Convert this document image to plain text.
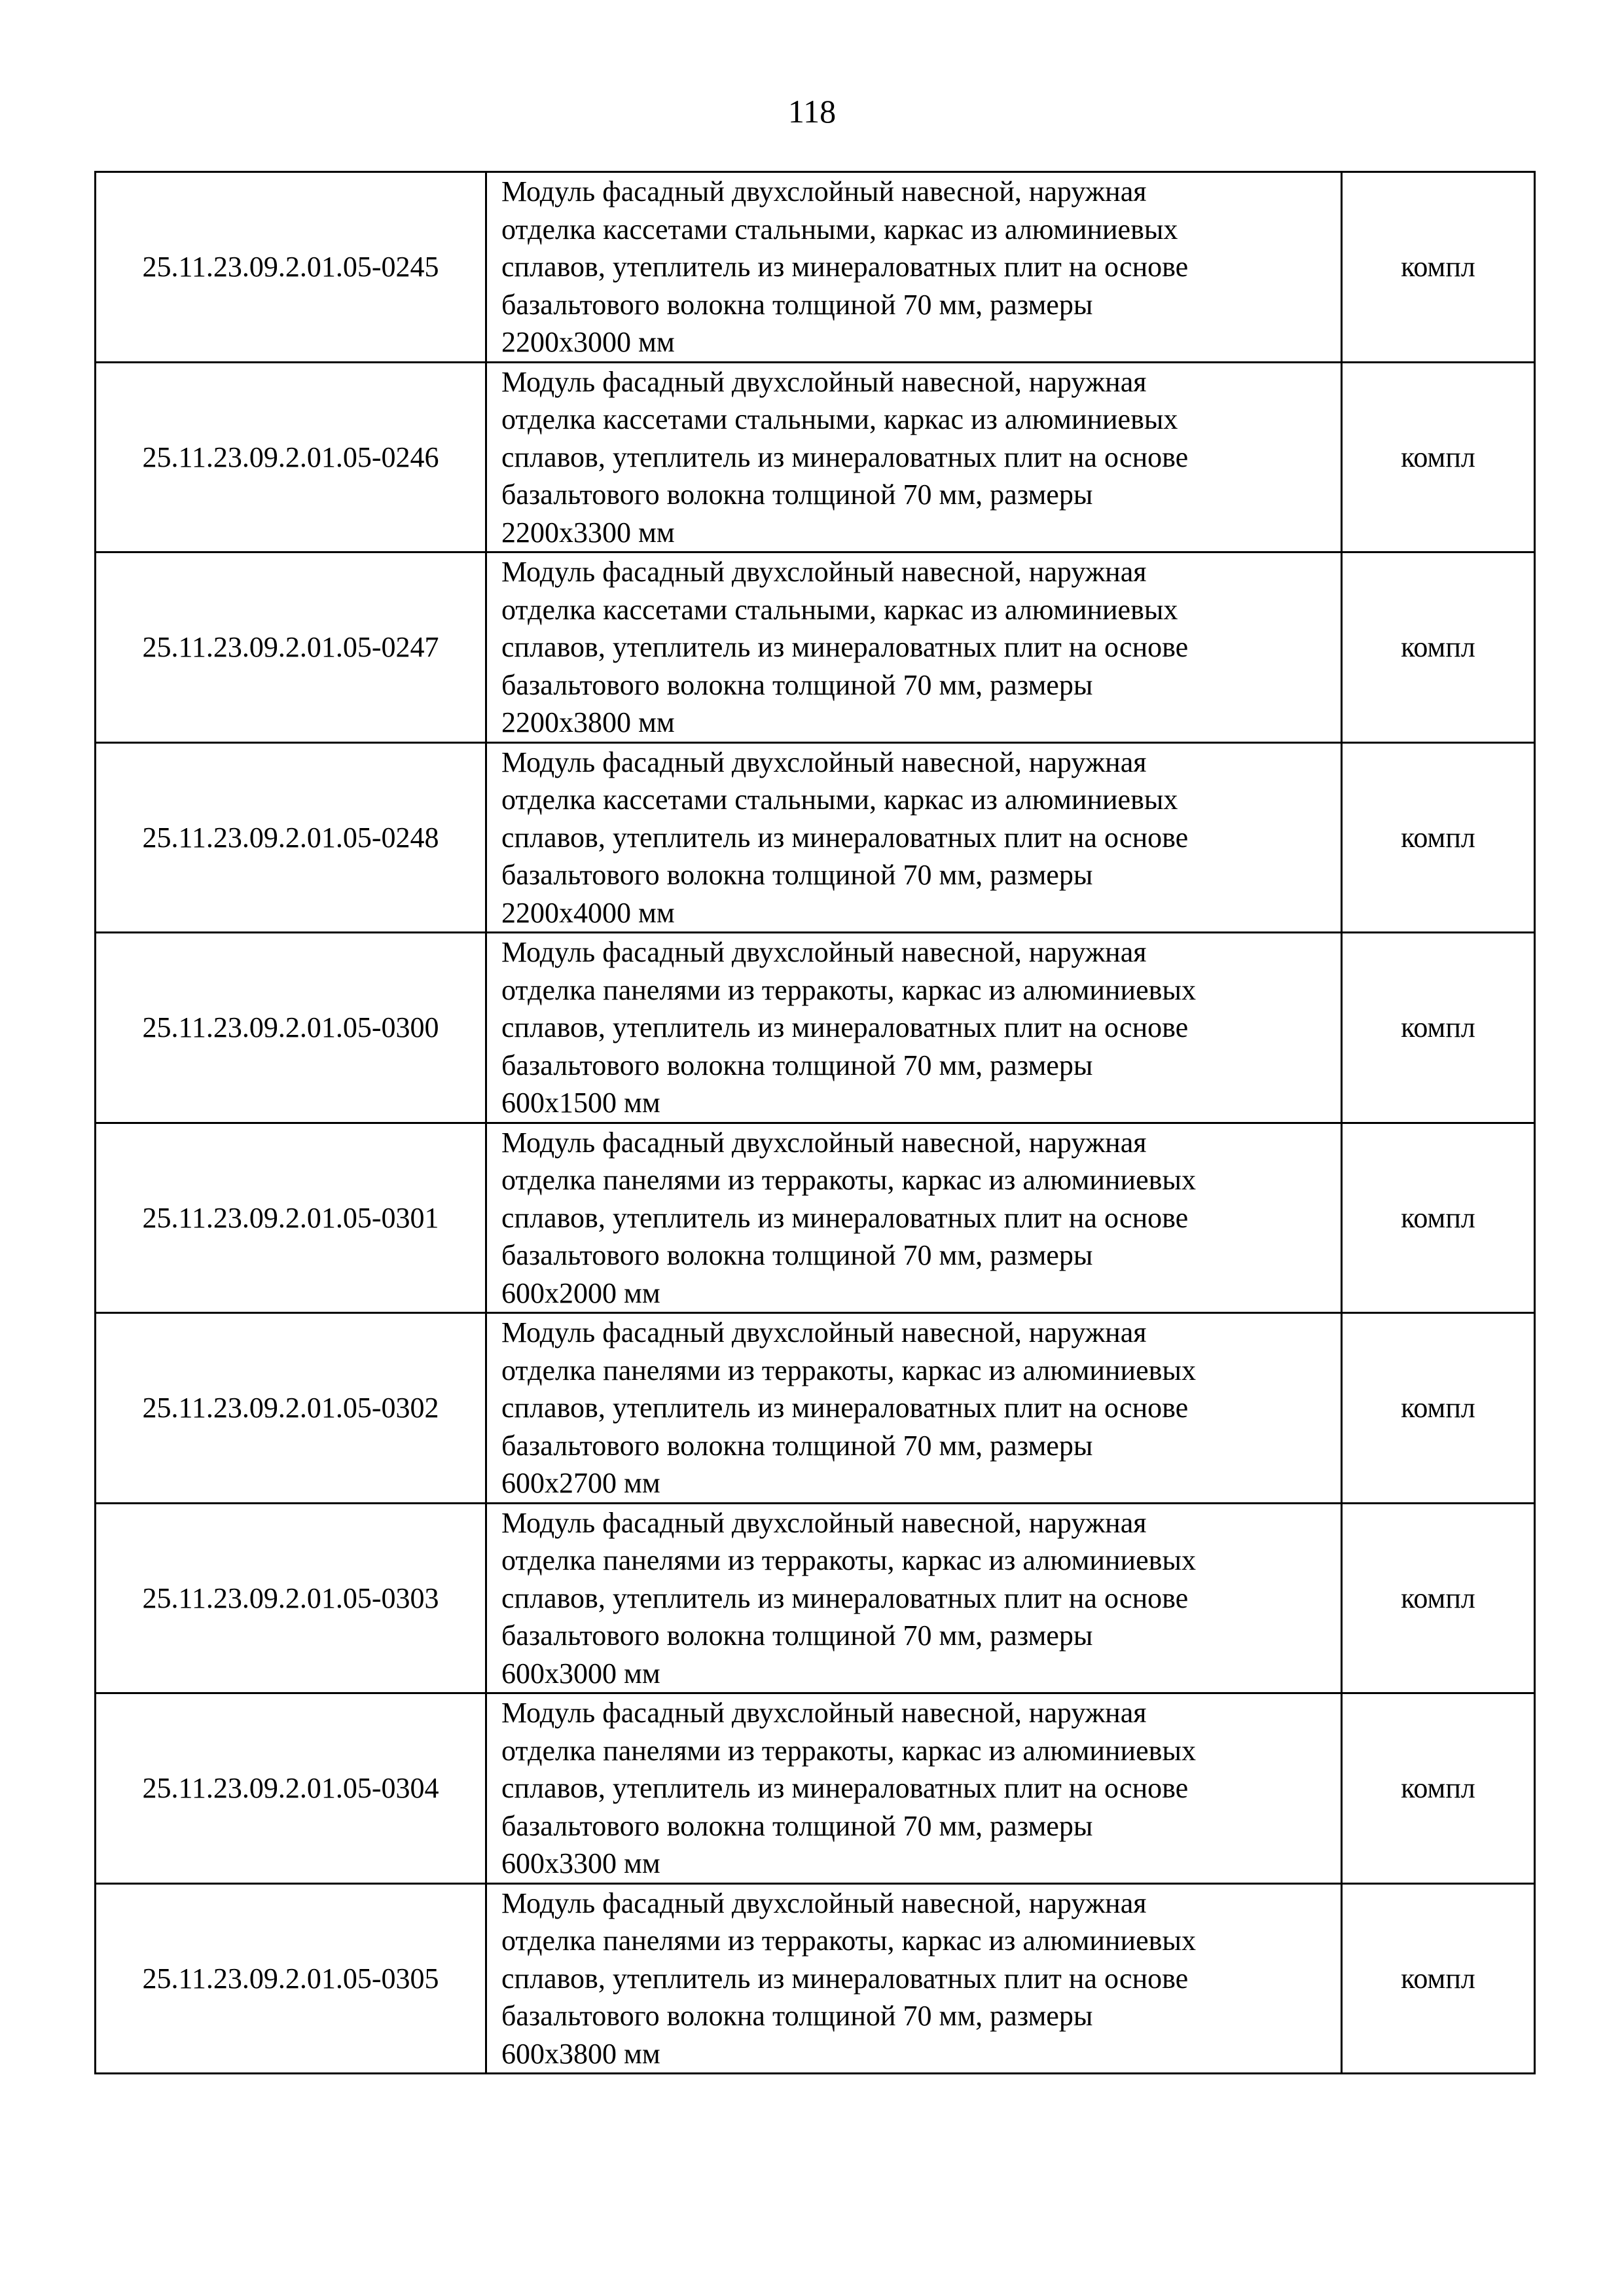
118
25.11.23.09.2.01.05-0245	Модуль фасадный двухслойный навесной, наружная
отделка кассетами стальными, каркас из алюминиевых
сплавов, утеплитель из минераловатных плит на основе
базальтового волокна толщиной 70 мм, размеры
2200x3000 мм	компл
25.11.23.09.2.01.05-0246	Модуль фасадный двухслойный навесной, наружная
отделка кассетами стальными, каркас из алюминиевых
сплавов, утеплитель из минераловатных плит на основе
базальтового волокна толщиной 70 мм, размеры
2200x3300 мм	компл
25.11.23.09.2.01.05-0247	Модуль фасадный двухслойный навесной, наружная
отделка кассетами стальными, каркас из алюминиевых
сплавов, утеплитель из минераловатных плит на основе
базальтового волокна толщиной 70 мм, размеры
2200x3800 мм	компл
25.11.23.09.2.01.05-0248	Модуль фасадный двухслойный навесной, наружная
отделка кассетами стальными, каркас из алюминиевых
сплавов, утеплитель из минераловатных плит на основе
базальтового волокна толщиной 70 мм, размеры
2200x4000 мм	компл
25.11.23.09.2.01.05-0300	Модуль фасадный двухслойный навесной, наружная
отделка панелями из терракоты, каркас из алюминиевых
сплавов, утеплитель из минераловатных плит на основе
базальтового волокна толщиной 70 мм, размеры
600x1500 мм	компл
25.11.23.09.2.01.05-0301	Модуль фасадный двухслойный навесной, наружная
отделка панелями из терракоты, каркас из алюминиевых
сплавов, утеплитель из минераловатных плит на основе
базальтового волокна толщиной 70 мм, размеры
600x2000 мм	компл
25.11.23.09.2.01.05-0302	Модуль фасадный двухслойный навесной, наружная
отделка панелями из терракоты, каркас из алюминиевых
сплавов, утеплитель из минераловатных плит на основе
базальтового волокна толщиной 70 мм, размеры
600x2700 мм	компл
25.11.23.09.2.01.05-0303	Модуль фасадный двухслойный навесной, наружная
отделка панелями из терракоты, каркас из алюминиевых
сплавов, утеплитель из минераловатных плит на основе
базальтового волокна толщиной 70 мм, размеры
600x3000 мм	компл
25.11.23.09.2.01.05-0304	Модуль фасадный двухслойный навесной, наружная
отделка панелями из терракоты, каркас из алюминиевых
сплавов, утеплитель из минераловатных плит на основе
базальтового волокна толщиной 70 мм, размеры
600x3300 мм	компл
25.11.23.09.2.01.05-0305	Модуль фасадный двухслойный навесной, наружная
отделка панелями из терракоты, каркас из алюминиевых
сплавов, утеплитель из минераловатных плит на основе
базальтового волокна толщиной 70 мм, размеры
600x3800 мм	компл
